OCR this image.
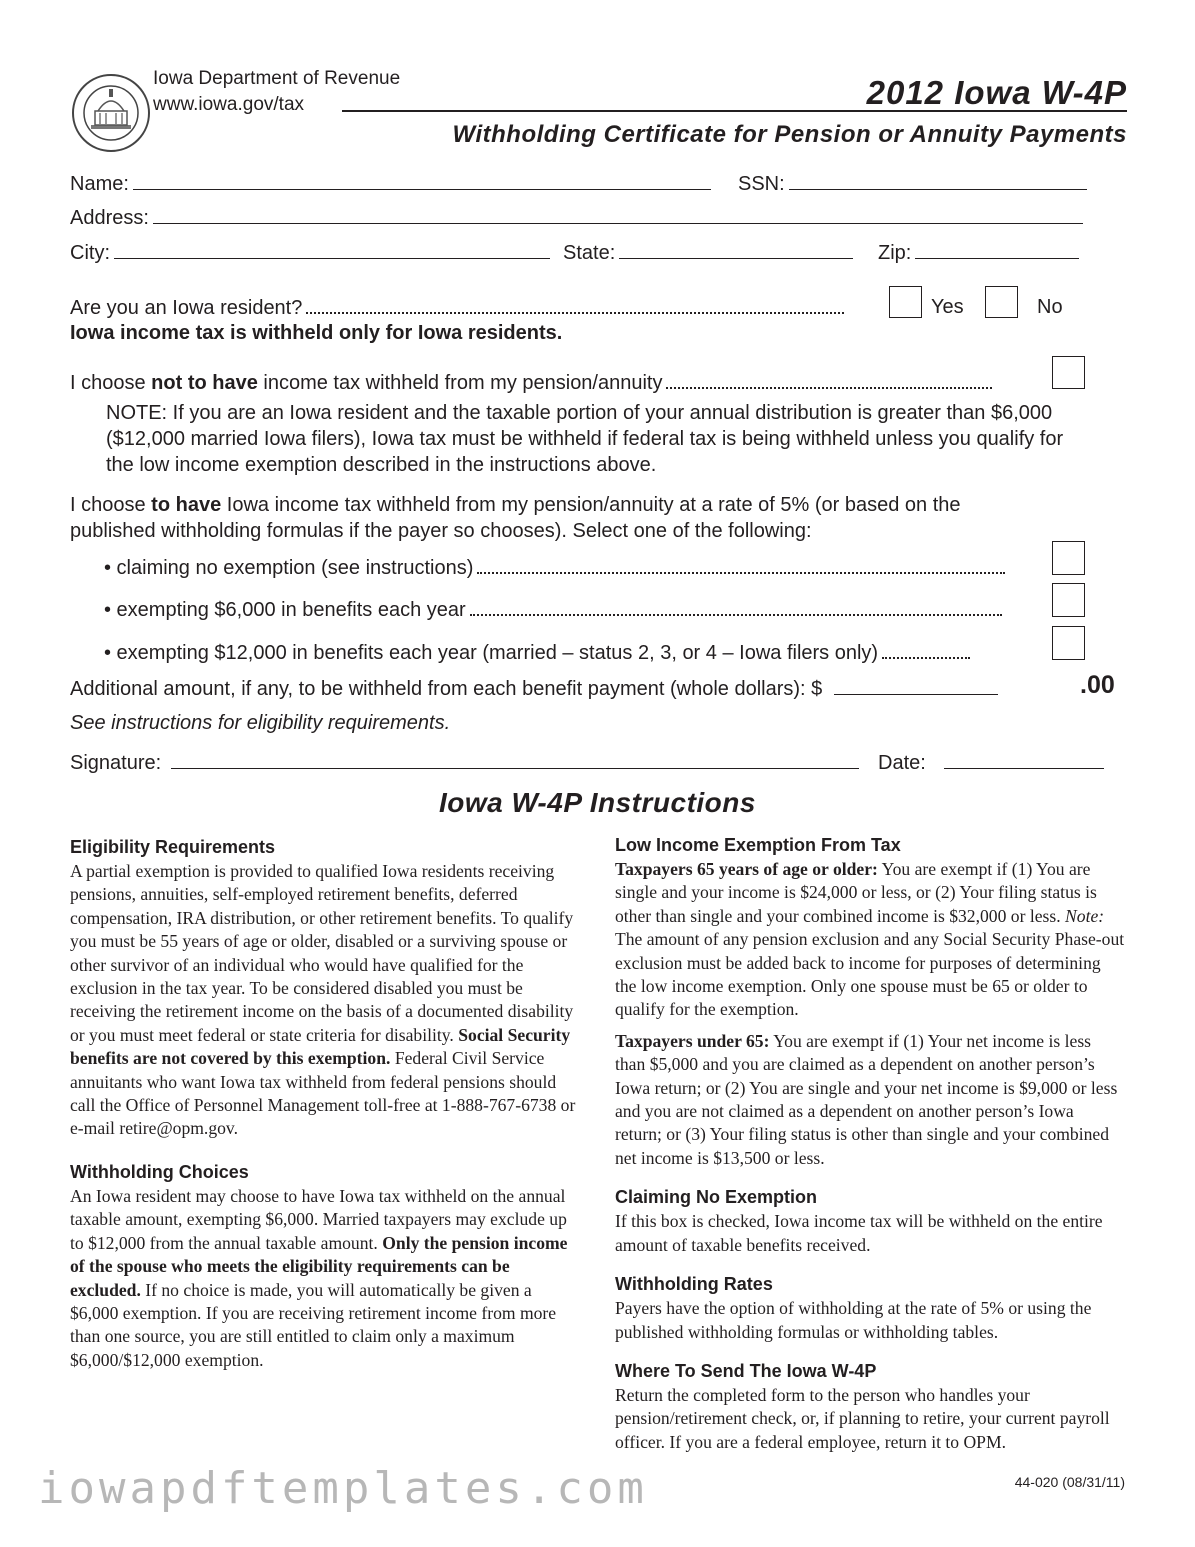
Iowa Department of Revenue
www.iowa.gov/tax	2012 Iowa W-4P
Withholding Certificate for Pension or Annuity Payments
Name:	SSN:
Address:
City:	State:	Zip:
Are you an Iowa resident?	Yes	No
Iowa income tax is withheld only for Iowa residents.
I choose not to have income tax withheld from my pension/annuity
NOTE: If you are an Iowa resident and the taxable portion of your annual distribution is greater than $6,000 ($12,000 married Iowa filers), Iowa tax must be withheld if federal tax is being withheld unless you qualify for the low income exemption described in the instructions above.
I choose to have Iowa income tax withheld from my pension/annuity at a rate of 5% (or based on the published withholding formulas if the payer so chooses). Select one of the following:
• claiming no exemption (see instructions)
• exempting $6,000 in benefits each year
• exempting $12,000 in benefits each year (married – status 2, 3, or 4 – Iowa filers only)
Additional amount, if any, to be withheld from each benefit payment (whole dollars): $	.00
See instructions for eligibility requirements.
Signature:	Date:
Iowa W-4P Instructions
Eligibility Requirements

A partial exemption is provided to qualified Iowa residents receiving pensions, annuities, self-employed retirement benefits, deferred compensation, IRA distribution, or other retirement benefits. To qualify you must be 55 years of age or older, disabled or a surviving spouse or other survivor of an individual who would have qualified for the exclusion in the tax year. To be considered disabled you must be receiving the retirement income on the basis of a documented disability or you must meet federal or state criteria for disability. Social Security benefits are not covered by this exemption. Federal Civil Service annuitants who want Iowa tax withheld from federal pensions should call the Office of Personnel Management toll-free at 1-888-767-6738 or e-mail retire@opm.gov.

Withholding Choices

An Iowa resident may choose to have Iowa tax withheld on the annual taxable amount, exempting $6,000. Married taxpayers may exclude up to $12,000 from the annual taxable amount. Only the pension income of the spouse who meets the eligibility requirements can be excluded. If no choice is made, you will automatically be given a $6,000 exemption. If you are receiving retirement income from more than one source, you are still entitled to claim only a maximum $6,000/$12,000 exemption.

Low Income Exemption From Tax

Taxpayers 65 years of age or older: You are exempt if (1) You are single and your income is $24,000 or less, or (2) Your filing status is other than single and your combined income is $32,000 or less. Note: The amount of any pension exclusion and any Social Security Phase-out exclusion must be added back to income for purposes of determining the low income exemption. Only one spouse must be 65 or older to qualify for the exemption.

Taxpayers under 65: You are exempt if (1) Your net income is less than $5,000 and you are claimed as a dependent on another person’s Iowa return; or (2) You are single and your net income is $9,000 or less and you are not claimed as a dependent on another person’s Iowa return; or (3) Your filing status is other than single and your combined net income is $13,500 or less.

Claiming No Exemption

If this box is checked, Iowa income tax will be withheld on the entire amount of taxable benefits received.

Withholding Rates

Payers have the option of withholding at the rate of 5% or using the published withholding formulas or withholding tables.

Where To Send The Iowa W-4P

Return the completed form to the person who handles your pension/retirement check, or, if planning to retire, your current payroll officer. If you are a federal employee, return it to OPM.

iowapdftemplates.com	44-020 (08/31/11)
